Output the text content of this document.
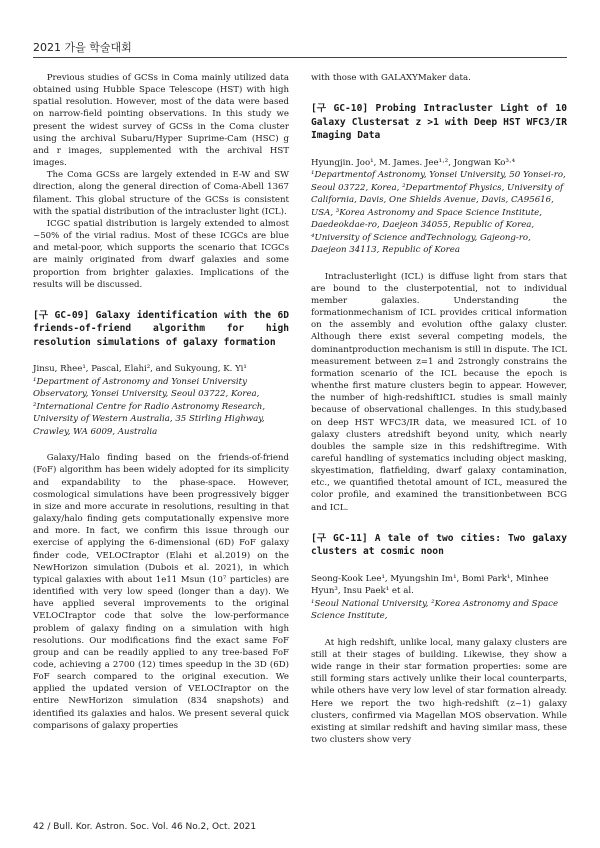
2021 가을 학술대회

Previous studies of GCSs in Coma mainly utilized data obtained using Hubble Space Telescope (HST) with high spatial resolution. However, most of the data were based on narrow-field pointing observations. In this study we present the widest survey of GCSs in the Coma cluster using the archival Subaru/Hyper Suprime-Cam (HSC) g and r images, supplemented with the archival HST images.

The Coma GCSs are largely extended in E-W and SW direction, along the general direction of Coma-Abell 1367 filament. This global structure of the GCSs is consistent with the spatial distribution of the intracluster light (ICL).

ICGC spatial distribution is largely extended to almost ~50% of the virial radius. Most of these ICGCs are blue and metal-poor, which supports the scenario that ICGCs are mainly originated from dwarf galaxies and some proportion from brighter galaxies. Implications of the results will be discussed.

[구 GC-09] Galaxy identification with the 6D friends-of-friend algorithm for high resolution simulations of galaxy formation
Jinsu, Rhee¹, Pascal, Elahi², and Sukyoung, K. Yi¹
¹Department of Astronomy and Yonsei University Observatory, Yonsei University, Seoul 03722, Korea, ²International Centre for Radio Astronomy Research, University of Western Australia, 35 Stirling Highway, Crawley, WA 6009, Australia

Galaxy/Halo finding based on the friends-of-friend (FoF) algorithm has been widely adopted for its simplicity and expandability to the phase-space. However, cosmological simulations have been progressively bigger in size and more accurate in resolutions, resulting in that galaxy/halo finding gets computationally expensive more and more. In fact, we confirm this issue through our exercise of applying the 6-dimensional (6D) FoF galaxy finder code, VELOCIraptor (Elahi et al.2019) on the NewHorizon simulation (Dubois et al. 2021), in which typical galaxies with about 1e11 Msun (10⁷ particles) are identified with very low speed (longer than a day). We have applied several improvements to the original VELOCIraptor code that solve the low-performance problem of galaxy finding on a simulation with high resolutions. Our modifications find the exact same FoF group and can be readily applied to any tree-based FoF code, achieving a 2700 (12) times speedup in the 3D (6D) FoF search compared to the original execution. We applied the updated version of VELOCIraptor on the entire NewHorizon simulation (834 snapshots) and identified its galaxies and halos. We present several quick comparisons of galaxy properties

with those with GALAXYMaker data.

[구 GC-10] Probing Intracluster Light of 10 Galaxy Clustersat z >1 with Deep HST WFC3/IR Imaging Data
Hyungjin. Joo¹, M. James. Jee¹·², Jongwan Ko³·⁴
¹Departmentof Astronomy, Yonsei University, 50 Yonsei-ro, Seoul 03722, Korea, ²Departmentof Physics, University of California, Davis, One Shields Avenue, Davis, CA95616, USA, ³Korea Astronomy and Space Science Institute, Daedeokdae-ro, Daejeon 34055, Republic of Korea, ⁴University of Science andTechnology, Gajeong-ro, Daejeon 34113, Republic of Korea

Intraclusterlight (ICL) is diffuse light from stars that are bound to the clusterpotential, not to individual member galaxies. Understanding the formationmechanism of ICL provides critical information on the assembly and evolution ofthe galaxy cluster. Although there exist several competing models, the dominantproduction mechanism is still in dispute. The ICL measurement between z=1 and 2strongly constrains the formation scenario of the ICL because the epoch is whenthe first mature clusters begin to appear. However, the number of high-redshiftICL studies is small mainly because of observational challenges. In this study,based on deep HST WFC3/IR data, we measured ICL of 10 galaxy clusters atredshift beyond unity, which nearly doubles the sample size in this redshiftregime. With careful handling of systematics including object masking, skyestimation, flatfielding, dwarf galaxy contamination, etc., we quantified thetotal amount of ICL, measured the color profile, and examined the transitionbetween BCG and ICL.

[구 GC-11] A tale of two cities: Two galaxy clusters at cosmic noon
Seong-Kook Lee¹, Myungshin Im¹, Bomi Park¹, Minhee Hyun³, Insu Paek¹ et al.
¹Seoul National University, ²Korea Astronomy and Space Science Institute,

At high redshift, unlike local, many galaxy clusters are still at their stages of building. Likewise, they show a wide range in their star formation properties: some are still forming stars actively unlike their local counterparts, while others have very low level of star formation already. Here we report the two high-redshift (z~1) galaxy clusters, confirmed via Magellan MOS observation. While existing at similar redshift and having similar mass, these two clusters show very

42 / Bull. Kor. Astron. Soc. Vol. 46 No.2, Oct. 2021
